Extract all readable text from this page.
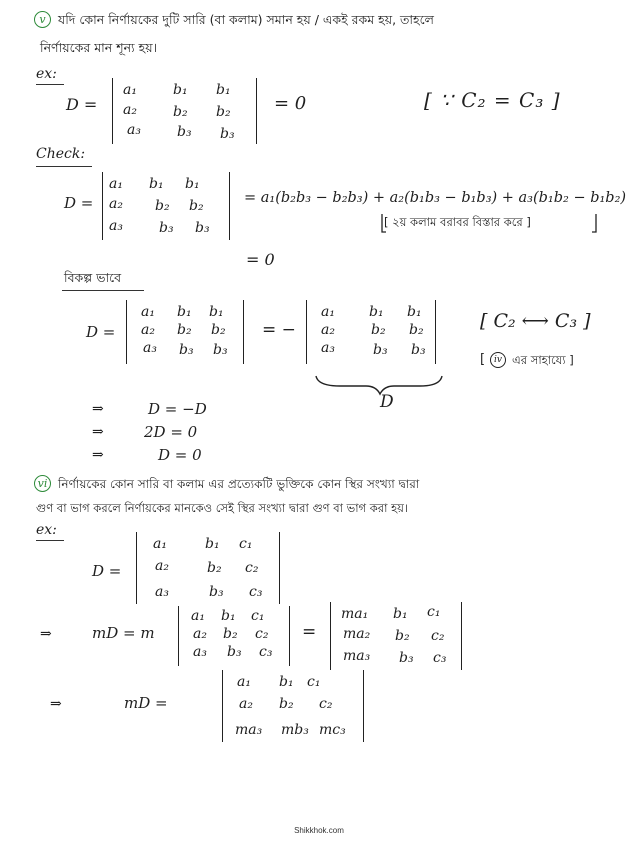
v যদি কোন নির্ণায়কের দুটি সারি (বা কলাম) সমান হয় / একই রকম হয়, তাহলে
নির্ণায়কের মান শূন্য হয়।
ex:
D =
a₁	b₁ b₁
a₂	b₂ b₂
a₃	b₃ b₃
= 0	[ ∵ C₂ = C₃ ]
Check:
D =
a₁ b₁ b₁
a₂ b₂ b₂
a₃	b₃ b₃
= a₁(b₂b₃ − b₂b₃) + a₂(b₁b₃ − b₁b₃) + a₃(b₁b₂ − b₁b₂)
[ ২য় কলাম বরাবর বিস্তার করে ]
= 0
বিকল্প ভাবে
D =
a₁ b₁ b₁
a₂ b₂ b₂
a₃ b₃ b₃
= −
a₁ b₁ b₁
a₂	b₂ b₂
a₃	b₃ b₃
[ C₂ ⟷ C₃ ]
[ iv এর সাহায্যে ]
D
⇒	D = −D
⇒	2D = 0
⇒	D = 0
vi নির্ণায়কের কোন সারি বা কলাম এর প্রত্যেকটি ভুক্তিকে কোন স্থির সংখ্যা দ্বারা
গুণ বা ভাগ করলে নির্ণায়কের মানকেও সেই স্থির সংখ্যা দ্বারা গুণ বা ভাগ করা হয়।
ex:
D =
a₁	b₁ c₁
a₂	b₂ c₂
a₃	b₃ c₃
⇒	mD = m
a₁ b₁ c₁
a₂ b₂ c₂
a₃ b₃ c₃
=
ma₁ b₁ c₁
ma₂ b₂ c₂
ma₃ b₃ c₃
⇒	mD =
a₁ b₁ c₁
a₂ b₂ c₂
ma₃ mb₃ mc₃
Shikkhok.com
